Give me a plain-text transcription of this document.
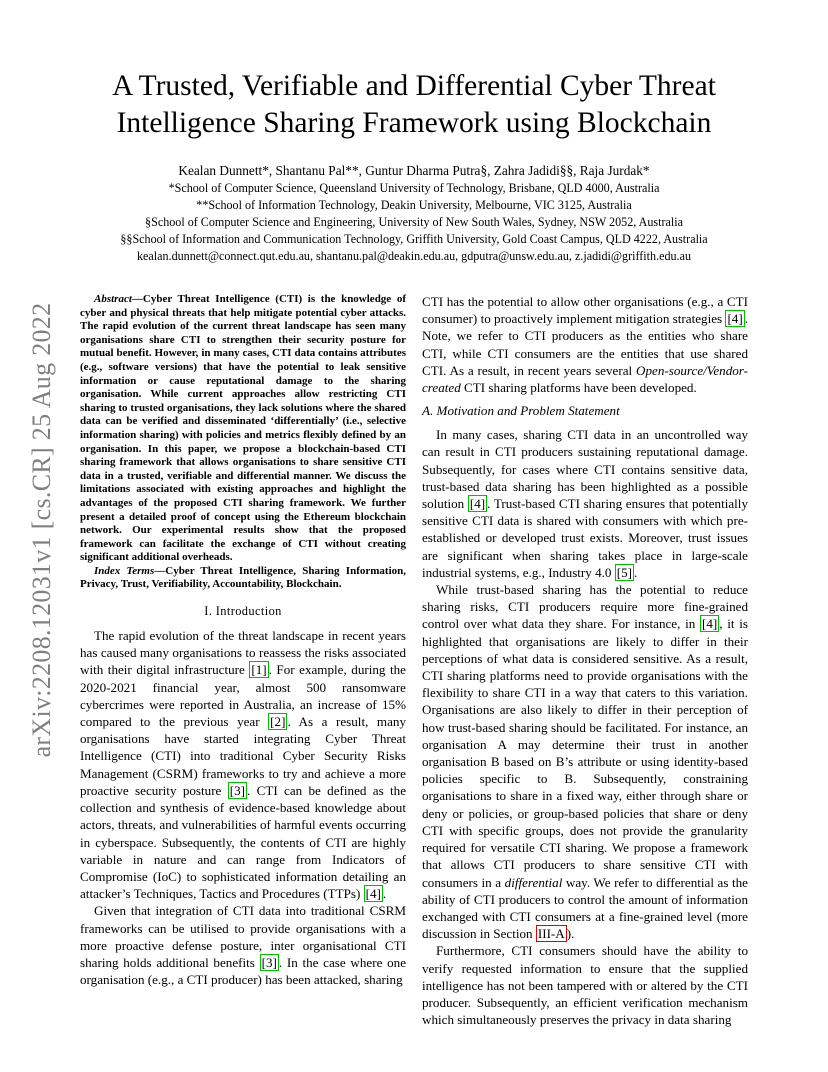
A Trusted, Verifiable and Differential Cyber Threat
Intelligence Sharing Framework using Blockchain
Kealan Dunnett*, Shantanu Pal**, Guntur Dharma Putra§, Zahra Jadidi§§, Raja Jurdak*
*School of Computer Science, Queensland University of Technology, Brisbane, QLD 4000, Australia
**School of Information Technology, Deakin University, Melbourne, VIC 3125, Australia
§School of Computer Science and Engineering, University of New South Wales, Sydney, NSW 2052, Australia
§§School of Information and Communication Technology, Griffith University, Gold Coast Campus, QLD 4222, Australia
kealan.dunnett@connect.qut.edu.au, shantanu.pal@deakin.edu.au, gdputra@unsw.edu.au, z.jadidi@griffith.edu.au
arXiv:2208.12031v1 [cs.CR] 25 Aug 2022

Abstract—Cyber Threat Intelligence (CTI) is the knowledge of cyber and physical threats that help mitigate potential cyber attacks. The rapid evolution of the current threat landscape has seen many organisations share CTI to strengthen their security posture for mutual benefit. However, in many cases, CTI data contains attributes (e.g., software versions) that have the potential to leak sensitive information or cause reputational damage to the sharing organisation. While current approaches allow restricting CTI sharing to trusted organisations, they lack solutions where the shared data can be verified and disseminated ‘differentially’ (i.e., selective information sharing) with policies and metrics flexibly defined by an organisation. In this paper, we propose a blockchain-based CTI sharing framework that allows organisations to share sensitive CTI data in a trusted, verifiable and differential manner. We discuss the limitations associated with existing approaches and highlight the advantages of the proposed CTI sharing framework. We further present a detailed proof of concept using the Ethereum blockchain network. Our experimental results show that the proposed framework can facilitate the exchange of CTI without creating significant additional overheads.

Index Terms—Cyber Threat Intelligence, Sharing Information, Privacy, Trust, Verifiability, Accountability, Blockchain.

I. Introduction

The rapid evolution of the threat landscape in recent years has caused many organisations to reassess the risks associated with their digital infrastructure [1] . For example, during the 2020-2021 financial year, almost 500 ransomware cybercrimes were reported in Australia, an increase of 15% compared to the previous year [2] . As a result, many organisations have started integrating Cyber Threat Intelligence (CTI) into traditional Cyber Security Risks Management (CSRM) frameworks to try and achieve a more proactive security posture [3] . CTI can be defined as the collection and synthesis of evidence-based knowledge about actors, threats, and vulnerabilities of harmful events occurring in cyberspace. Subsequently, the contents of CTI are highly variable in nature and can range from Indicators of Compromise (IoC) to sophisticated information detailing an attacker’s Techniques, Tactics and Procedures (TTPs) [4] .

Given that integration of CTI data into traditional CSRM frameworks can be utilised to provide organisations with a more proactive defense posture, inter organisational CTI sharing holds additional benefits [3] . In the case where one organisation (e.g., a CTI producer) has been attacked, sharing

CTI has the potential to allow other organisations (e.g., a CTI consumer) to proactively implement mitigation strategies [4] . Note, we refer to CTI producers as the entities who share CTI, while CTI consumers are the entities that use shared CTI. As a result, in recent years several Open-source/Vendor-created CTI sharing platforms have been developed.

A. Motivation and Problem Statement

In many cases, sharing CTI data in an uncontrolled way can result in CTI producers sustaining reputational damage. Subsequently, for cases where CTI contains sensitive data, trust-based data sharing has been highlighted as a possible solution [4] . Trust-based CTI sharing ensures that potentially sensitive CTI data is shared with consumers with which pre-established or developed trust exists. Moreover, trust issues are significant when sharing takes place in large-scale industrial systems, e.g., Industry 4.0 [5] .

While trust-based sharing has the potential to reduce sharing risks, CTI producers require more fine-grained control over what data they share. For instance, in [4] , it is highlighted that organisations are likely to differ in their perceptions of what data is considered sensitive. As a result, CTI sharing platforms need to provide organisations with the flexibility to share CTI in a way that caters to this variation. Organisations are also likely to differ in their perception of how trust-based sharing should be facilitated. For instance, an organisation A may determine their trust in another organisation B based on B’s attribute or using identity-based policies specific to B. Subsequently, constraining organisations to share in a fixed way, either through share or deny or policies, or group-based policies that share or deny CTI with specific groups, does not provide the granularity required for versatile CTI sharing. We propose a framework that allows CTI producers to share sensitive CTI with consumers in a differential way. We refer to differential as the ability of CTI producers to control the amount of information exchanged with CTI consumers at a fine-grained level (more discussion in Section III-A ).

Furthermore, CTI consumers should have the ability to verify requested information to ensure that the supplied intelligence has not been tampered with or altered by the CTI producer. Subsequently, an efficient verification mechanism which simultaneously preserves the privacy in data sharing
